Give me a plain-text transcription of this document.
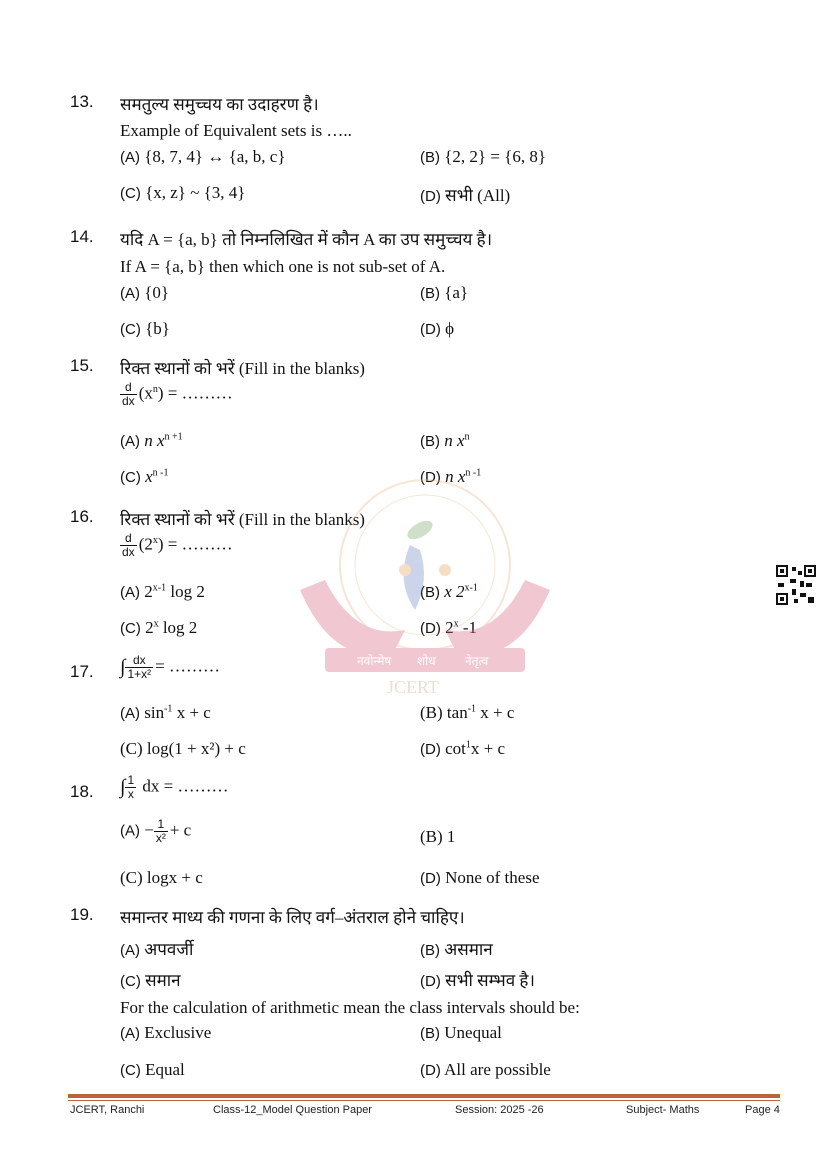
13. समतुल्य समुच्चय का उदाहरण है।
Example of Equivalent sets is …..
(A) {8, 7, 4} ↔ {a, b, c}	(B) {2, 2} = {6, 8}
(C) {x, z} ~ {3, 4}	(D) सभी (All)
14. यदि A = {a, b} तो निम्नलिखित में कौन A का उप समुच्चय है।
If A = {a, b} then which one is not sub-set of A.
(A) {0}	(B) {a}
(C) {b}	(D) ϕ
15. रिक्त स्थानों को भरें (Fill in the blanks)
$\frac{d}{dx} (x^n)$ = ………
(A) n $x^{n +1}$	(B) n $x^n$
(C) $x^{n -1}$	(D) n $x^{n -1}$
16. रिक्त स्थानों को भरें (Fill in the blanks)
$\frac{d}{dx} (2^x)$ = ………
(A) 2$^{x-1}$ log 2	(B) x 2$^{x-1}$
(C) 2$^x$ log 2	(D) 2$^x$ -1
17. ∫ $\frac{dx}{\text{1+x²}}$ = ………
(A) $\sin^{-1} x + c$	(B) $\tan^{-1} x + c$
(C) log(1 + x²) + c	(D) $\cot^1x + c$
18. ∫ $\frac{1}{x}$ dx = ………
$(A) - \frac{1}{\text{x²}} + c$	(B) 1
(C) logx + c	(D) None of these
19. समान्तर माध्य की गणना के लिए वर्ग–अंतराल होने चाहिए।
(A) अपवर्जी	(B) असमान
(C) समान	(D) सभी सम्भव है।
For the calculation of arithmetic mean the class intervals should be:
(A) Exclusive	(B) Unequal
(C) Equal	(D) All are possible
नवोन्मेष शोध नेतृत्व
JCERT
JCERT, Ranchi	Class-12_Model Question Paper	Session: 2025 -26	Subject- Maths	Page 4
